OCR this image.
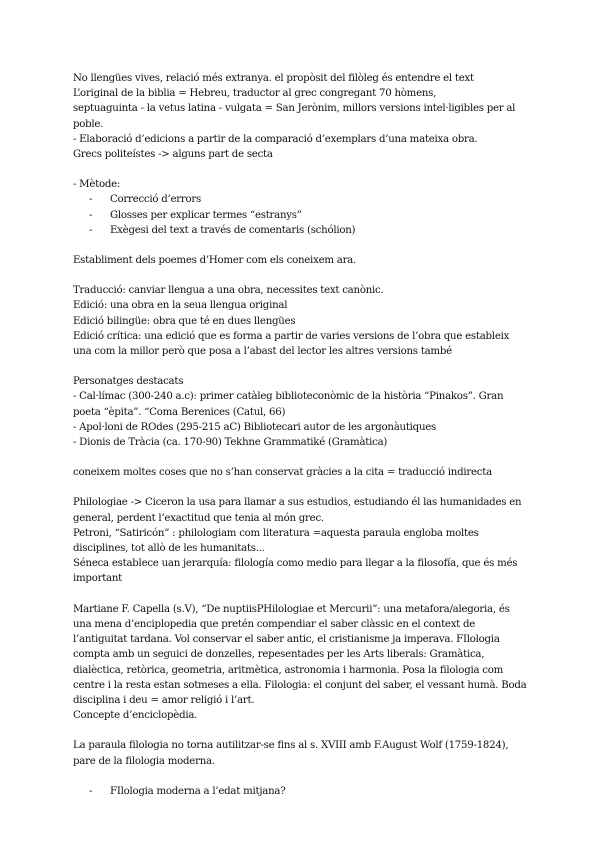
No llengües vives, relació més extranya. el propòsit del filòleg és entendre el text

L’original de la biblia = Hebreu, traductor al grec congregant 70 hòmens,

septuaguinta - la vetus latina - vulgata = San Jerònim, millors versions intel·ligibles per al poble.

- Elaboració d’edicions a partir de la comparació d’exemplars d’una mateixa obra.

Grecs politeístes -> alguns part de secta

- Mètode:

- Correcció d’errors
- Glosses per explicar termes “estranys”
- Exègesi del text a través de comentaris (schólion)

Establiment dels poemes d’Homer com els coneixem ara.

Traducció: canviar llengua a una obra, necessites text canònic.

Edició: una obra en la seua llengua original

Edició bilingüe: obra que té en dues llengües

Edició crítica: una edició que es forma a partir de varies versions de l’obra que estableix una com la millor però que posa a l’abast del lector les altres versions també

Personatges destacats

- Cal·límac (300-240 a.c): primer catàleg biblioteconòmic de la història “Pinakos”. Gran poeta “èpita”. “Coma Berenices (Catul, 66)

- Apol·loni de ROdes (295-215 aC) Bibliotecari autor de les argonàutiques

- Dionis de Tràcia (ca. 170-90) Tekhne Grammatiké (Gramàtica)

coneixem moltes coses que no s’han conservat gràcies a la cita = traducció indirecta

Philologiae -> Ciceron la usa para llamar a sus estudios, estudiando él las humanidades en general, perdent l’exactitud que tenia al món grec.

Petroni, “Satiricón” : philologiam com literatura =aquesta paraula engloba moltes disciplines, tot allò de les humanitats...

Séneca establece uan jerarquía: filología como medio para llegar a la filosofía, que és més important

Martiane F. Capella (s.V), “De nuptiisPHilologiae et Mercurii”: una metafora/alegoria, és una mena d’enciplopedia que pretén compendiar el saber clàssic en el context de l’antiguitat tardana. Vol conservar el saber antic, el cristianisme ja imperava. FIlologia compta amb un seguici de donzelles, repesentades per les Arts liberals: Gramàtica, dialèctica, retòrica, geometria, aritmètica, astronomia i harmonia. Posa la filologia com centre i la resta estan sotmeses a ella. Filologia: el conjunt del saber, el vessant humà. Boda disciplina i deu = amor religió i l’art.

Concepte d’enciclopèdia.

La paraula filologia no torna autilitzar-se fins al s. XVIII amb F.August Wolf (1759-1824), pare de la filologia moderna.

- FIlologia moderna a l’edat mitjana?
